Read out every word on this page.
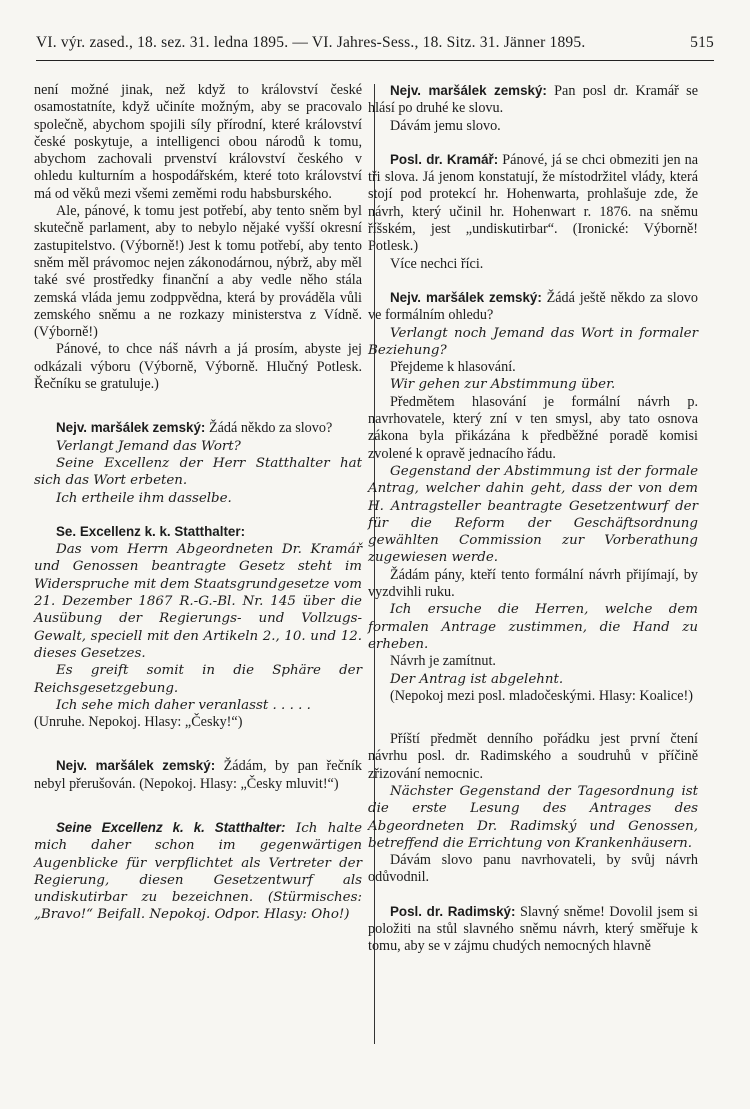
VI. výr. zased., 18. sez. 31. ledna 1895. — VI. Jahres-Sess., 18. Sitz. 31. Jänner 1895.	515

není možné jinak, než když to království české osamostatníte, když učiníte možným, aby se pracovalo společně, abychom spojili síly přírodní, které království české poskytuje, a intelligenci obou národů k tomu, abychom zachovali prvenství království českého v ohledu kulturním a hospodářském, které toto království má od věků mezi všemi zeměmi rodu habsburského.

Ale, pánové, k tomu jest potřebí, aby tento sněm byl skutečně parlament, aby to nebylo nějaké vyšší okresní zastupitelstvo. (Výborně!) Jest k tomu potřebí, aby tento sněm měl právomoc nejen zákonodárnou, nýbrž, aby měl také své prostředky finanční a aby vedle něho stála zemská vláda jemu zodppvědna, která by prováděla vůli zemského sněmu a ne rozkazy ministerstva z Vídně. (Výborně!)

Pánové, to chce náš návrh a já prosím, abyste jej odkázali výboru (Výborně, Výborně. Hlučný Potlesk. Řečníku se gratuluje.)

Nejv. maršálek zemský: Žádá někdo za slovo?

Verlangt Jemand das Wort?

Seine Excellenz der Herr Statthalter hat sich das Wort erbeten.

Ich ertheile ihm dasselbe.

Se. Excellenz k. k. Statthalter:

Das vom Herrn Abgeordneten Dr. Kramář und Genossen beantragte Gesetz steht im Widerspruche mit dem Staatsgrundgesetze vom 21. Dezember 1867 R.-G.-Bl. Nr. 145 über die Ausübung der Regierungs- und Vollzugs-Gewalt, speciell mit den Artikeln 2., 10. und 12. dieses Gesetzes.

Es greift somit in die Sphäre der Reichsgesetzgebung.

Ich sehe mich daher veranlasst . . . . .

(Unruhe. Nepokoj. Hlasy: „Česky!“)

Nejv. maršálek zemský: Žádám, by pan řečník nebyl přerušován. (Nepokoj. Hlasy: „Česky mluvit!“)

Seine Excellenz k. k. Statthalter: Ich halte mich daher schon im gegenwärtigen Augenblicke für verpflichtet als Vertreter der Regierung, diesen Gesetzentwurf als undiskutirbar zu bezeichnen. (Stürmisches: „Bravo!“ Beifall. Nepokoj. Odpor. Hlasy: Oho!)

Nejv. maršálek zemský: Pan posl dr. Kramář se hlásí po druhé ke slovu.

Dávám jemu slovo.

Posl. dr. Kramář: Pánové, já se chci obmeziti jen na tři slova. Já jenom konstatují, že místodržitel vlády, která stojí pod protekcí hr. Hohenwarta, prohlašuje zde, že návrh, který učinil hr. Hohenwart r. 1876. na sněmu říšském, jest „undiskutirbar“. (Ironické: Výborně! Potlesk.)

Více nechci říci.

Nejv. maršálek zemský: Žádá ještě někdo za slovo ve formálním ohledu?

Verlangt noch Jemand das Wort in formaler Beziehung?

Přejdeme k hlasování.

Wir gehen zur Abstimmung über.

Předmětem hlasování je formální návrh p. navrhovatele, který zní v ten smysl, aby tato osnova zákona byla přikázána k předběžné poradě komisi zvolené k opravě jednacího řádu.

Gegenstand der Abstimmung ist der formale Antrag, welcher dahin geht, dass der von dem H. Antragsteller beantragte Gesetzentwurf der für die Reform der Geschäftsordnung gewählten Commission zur Vorberathung zugewiesen werde.

Žádám pány, kteří tento formální návrh přijímají, by vyzdvihli ruku.

Ich ersuche die Herren, welche dem formalen Antrage zustimmen, die Hand zu erheben.

Návrh je zamítnut.

Der Antrag ist abgelehnt.

(Nepokoj mezi posl. mladočeskými. Hlasy: Koalice!)

Příští předmět denního pořádku jest první čtení návrhu posl. dr. Radimského a soudruhů v příčině zřizování nemocnic.

Nächster Gegenstand der Tagesordnung ist die erste Lesung des Antrages des Abgeordneten Dr. Radimský und Genossen, betreffend die Errichtung von Krankenhäusern.

Dávám slovo panu navrhovateli, by svůj návrh odůvodnil.

Posl. dr. Radimský: Slavný sněme! Dovolil jsem si položiti na stůl slavného sněmu návrh, který směřuje k tomu, aby se v zájmu chudých nemocných hlavně
